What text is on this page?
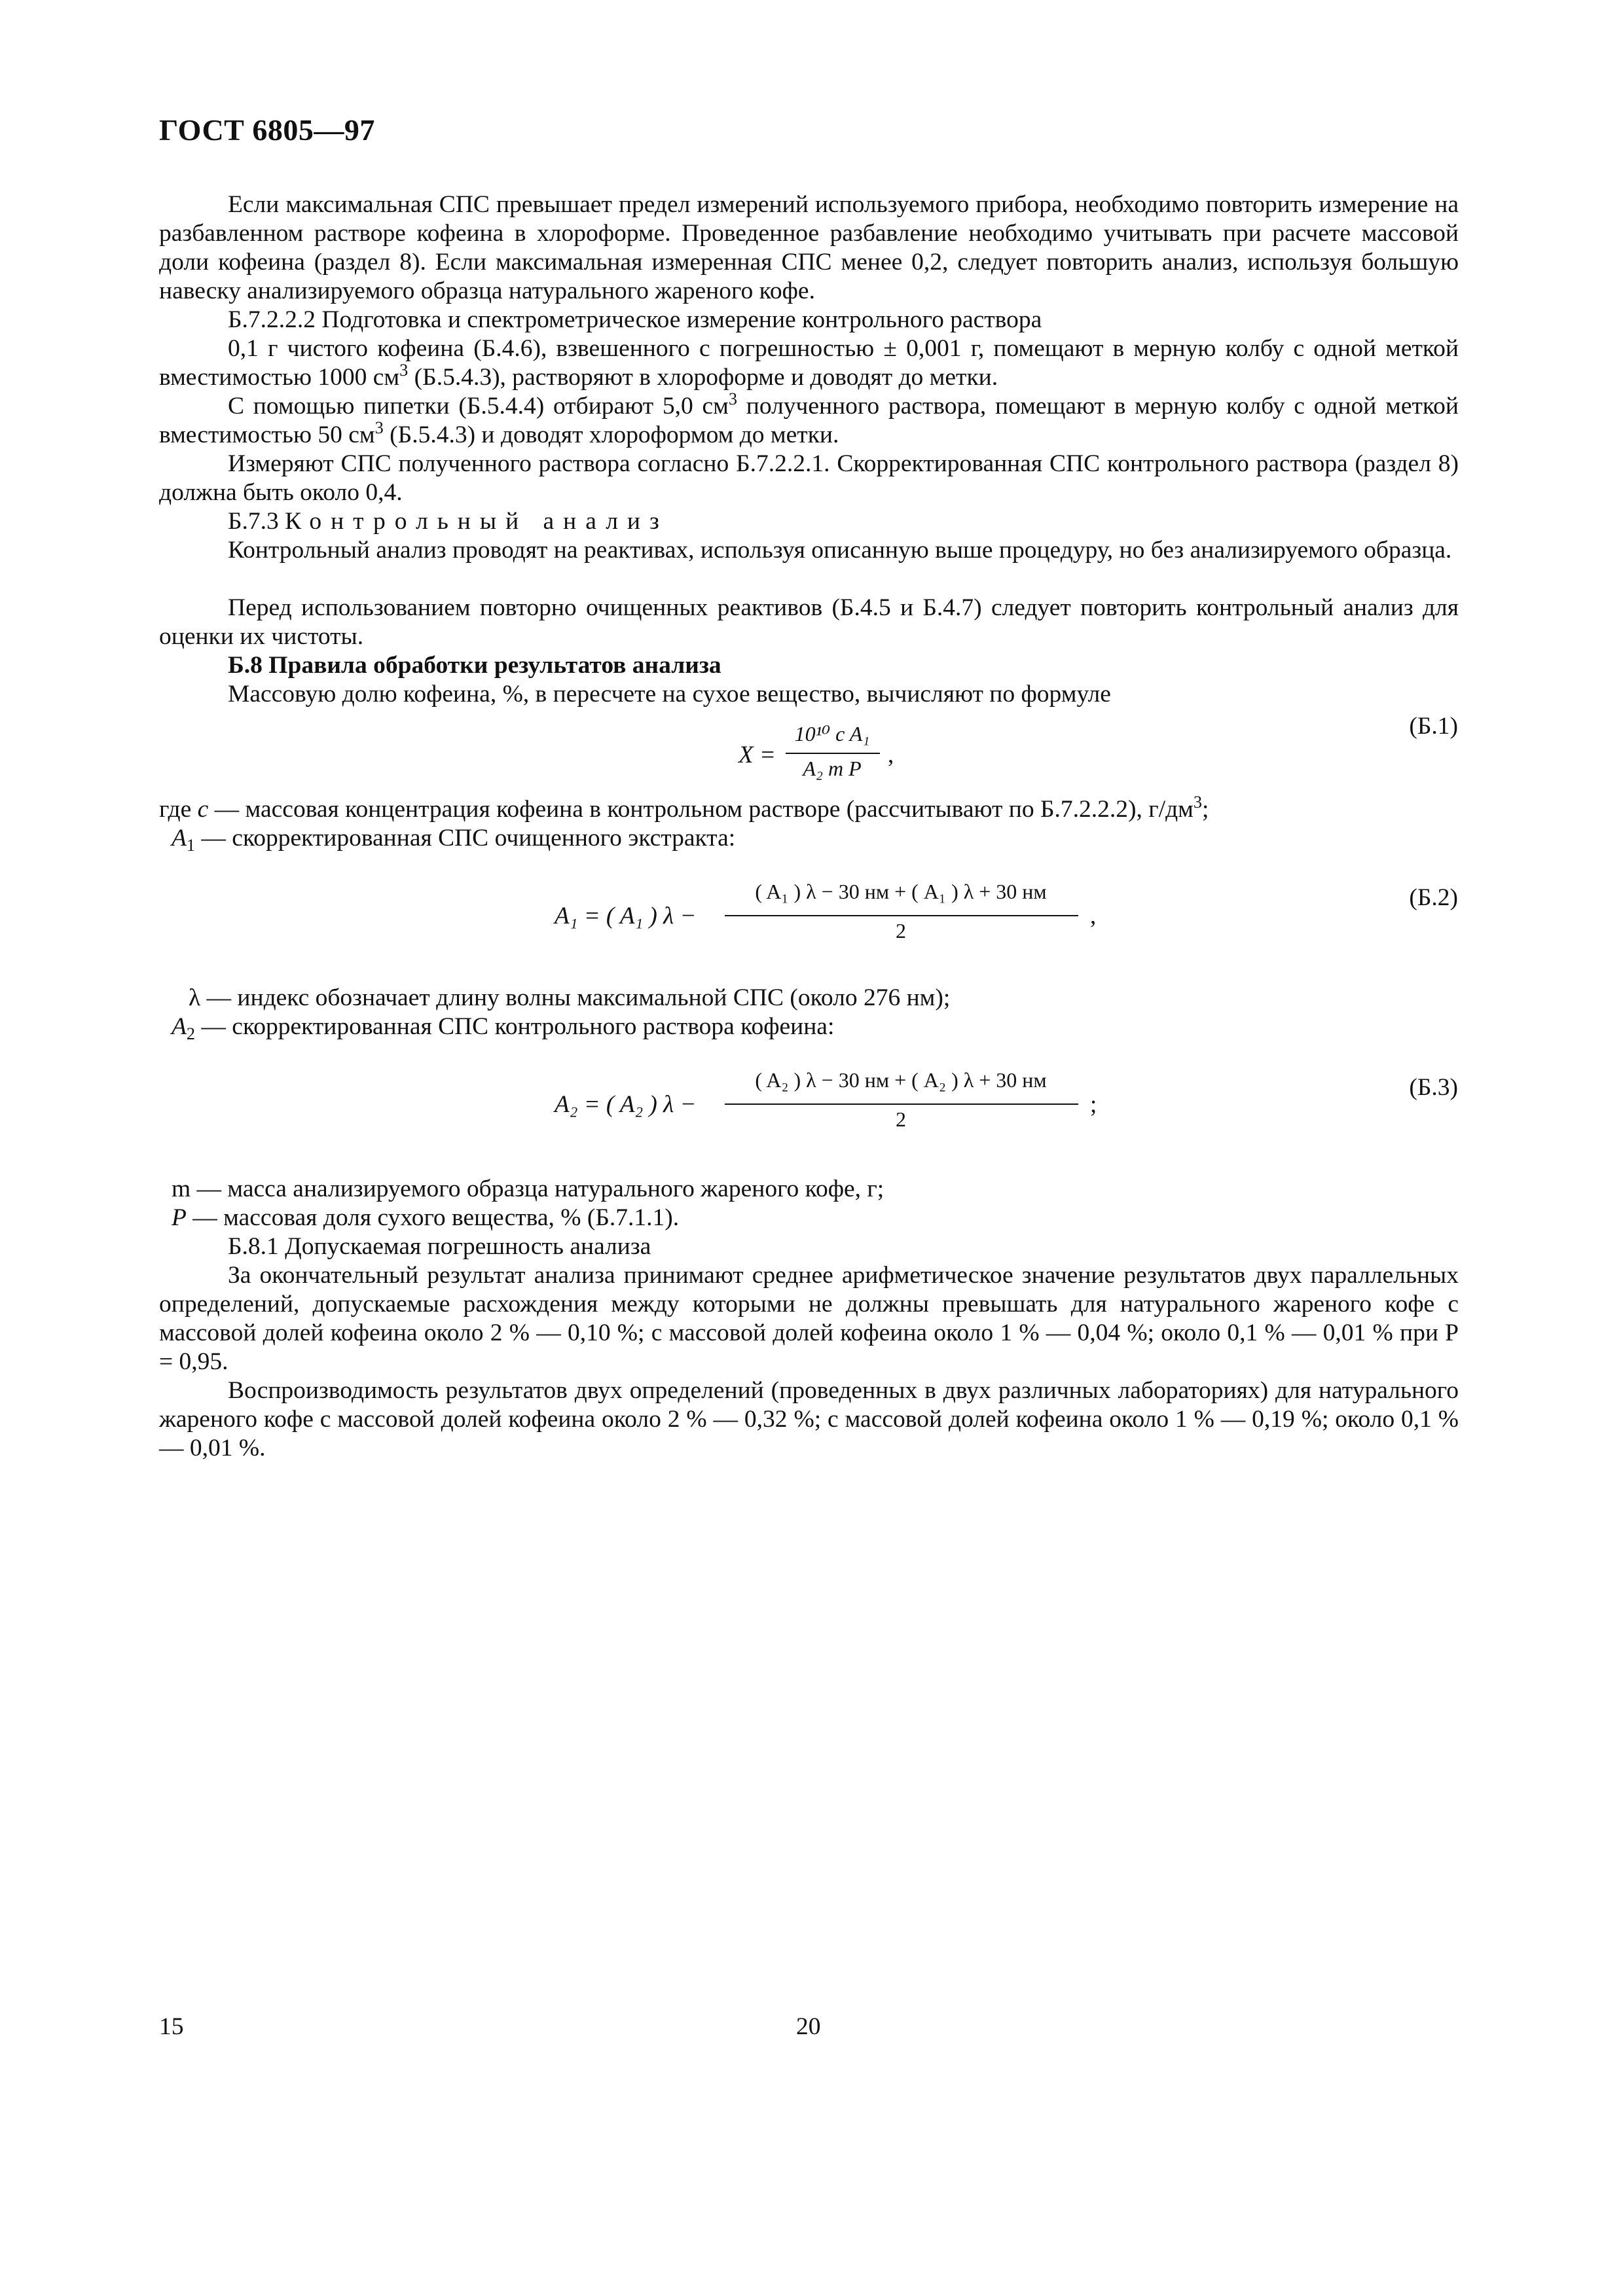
ГОСТ 6805—97

Если максимальная СПС превышает предел измерений используемого прибора, необходимо повторить измерение на разбавленном растворе кофеина в хлороформе. Проведенное разбавление необходимо учитывать при расчете массовой доли кофеина (раздел 8). Если максимальная измеренная СПС менее 0,2, следует повторить анализ, используя большую навеску анализируемого образца натурального жареного кофе.

Б.7.2.2.2 Подготовка и спектрометрическое измерение контрольного раствора

0,1 г чистого кофеина (Б.4.6), взвешенного с погрешностью ± 0,001 г, помещают в мерную колбу с одной меткой вместимостью 1000 $см^3$ (Б.5.4.3), растворяют в хлороформе и доводят до метки.

С помощью пипетки (Б.5.4.4) отбирают 5,0 $см^3$ полученного раствора, помещают в мерную колбу с одной меткой вместимостью 50 $см^3$ (Б.5.4.3) и доводят хлороформом до метки.

Измеряют СПС полученного раствора согласно Б.7.2.2.1. Скорректированная СПС контрольного раствора (раздел 8) должна быть около 0,4.

Б.7.3 Контрольный анализ

Контрольный анализ проводят на реактивах, используя описанную выше процедуру, но без анализируемого образца.

Перед использованием повторно очищенных реактивов (Б.4.5 и Б.4.7) следует повторить контрольный анализ для оценки их чистоты.

Б.8 Правила обработки результатов анализа
Массовую долю кофеина, %, в пересчете на сухое вещество, вычисляют по формуле
X =
10¹⁰ c A₁
A₂ m P	,
(Б.1)
где c — массовая концентрация кофеина в контрольном растворе (рассчитывают по Б.7.2.2.2), $г/дм^3$;
$A_1$ — скорректированная СПС очищенного экстракта:
A₁ = ( A₁ ) λ −
( A₁ ) λ − 30 нм + ( A₁ ) λ + 30 нм
2
,
(Б.2)
λ — индекс обозначает длину волны максимальной СПС (около 276 нм);
$A_2$ — скорректированная СПС контрольного раствора кофеина:
A₂ = ( A₂ ) λ −
( A₂ ) λ − 30 нм + ( A₂ ) λ + 30 нм
2
;
(Б.3)
m — масса анализируемого образца натурального жареного кофе, г;
P — массовая доля сухого вещества, % (Б.7.1.1).
Б.8.1 Допускаемая погрешность анализа

За окончательный результат анализа принимают среднее арифметическое значение результатов двух параллельных определений, допускаемые расхождения между которыми не должны превышать для натурального жареного кофе с массовой долей кофеина около 2 % — 0,10 %; с массовой долей кофеина около 1 % — 0,04 %; около 0,1 % — 0,01 % при P = 0,95.

Воспроизводимость результатов двух определений (проведенных в двух различных лабораториях) для натурального жареного кофе с массовой долей кофеина около 2 % — 0,32 %; с массовой долей кофеина около 1 % — 0,19 %; около 0,1 % — 0,01 %.

15	20
